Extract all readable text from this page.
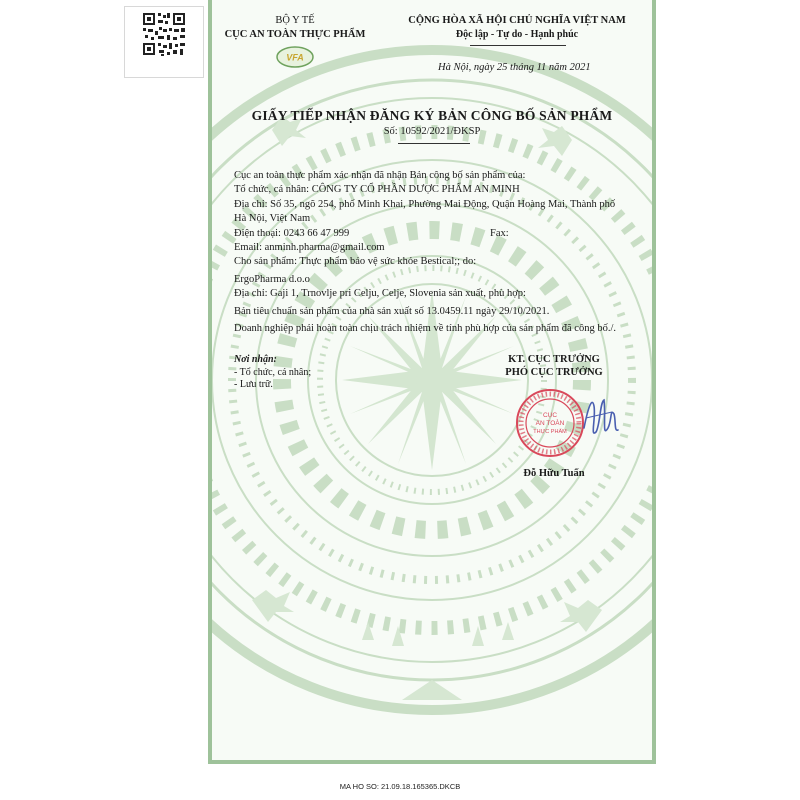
BỘ Y TẾ
CỤC AN TOÀN THỰC PHẨM
VFA
CỘNG HÒA XÃ HỘI CHỦ NGHĨA VIỆT NAM
Độc lập - Tự do - Hạnh phúc
Hà Nội, ngày 25 tháng 11 năm 2021
GIẤY TIẾP NHẬN ĐĂNG KÝ BẢN CÔNG BỐ SẢN PHẨM
Số: 10592/2021/ĐKSP

Cục an toàn thực phẩm xác nhận đã nhận Bản công bố sản phẩm của:

Tổ chức, cá nhân: CÔNG TY CỔ PHẦN DƯỢC PHẨM AN MINH

Địa chỉ: Số 35, ngõ 254, phố Minh Khai, Phường Mai Động, Quận Hoàng Mai, Thành phố

Hà Nội, Việt Nam

Điện thoại: 0243 66 47 999	Fax:

Email: anminh.pharma@gmail.com

Cho sản phẩm: Thực phẩm bảo vệ sức khỏe Bestical;; do:

ErgoPharma d.o.o

Địa chỉ: Gaji 1, Trnovlje pri Celju, Celje, Slovenia sản xuất, phù hợp:

Bản tiêu chuẩn sản phẩm của nhà sản xuất số 13.0459.11 ngày 29/10/2021.

Doanh nghiệp phải hoàn toàn chịu trách nhiệm về tính phù hợp của sản phẩm đã công bố./.

Nơi nhận:
- Tổ chức, cá nhân;
- Lưu trữ.
KT. CỤC TRƯỞNG
PHÓ CỤC TRƯỞNG
CỤC
AN TOÀN
THỰC PHẨM
Đỗ Hữu Tuấn
MA HO SO: 21.09.18.165365.DKCB
